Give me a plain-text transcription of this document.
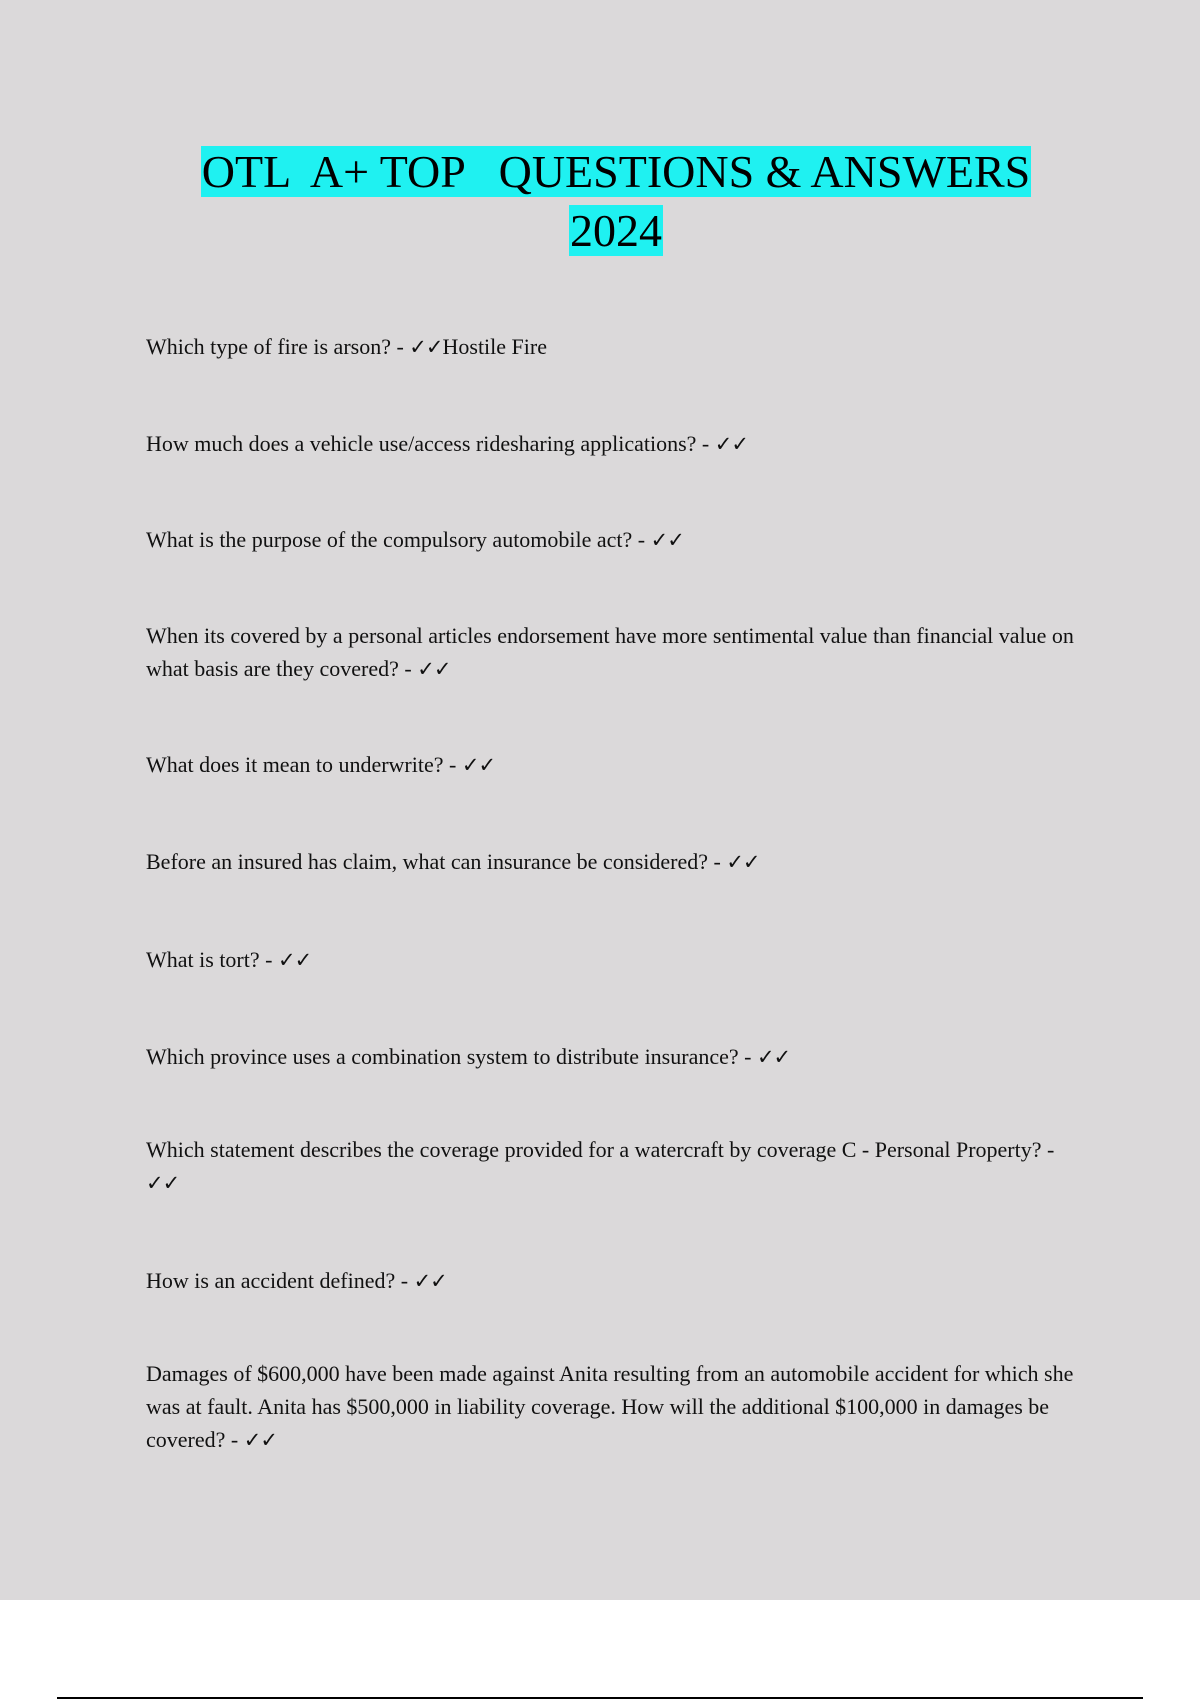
OTL  A+ TOP   QUESTIONS & ANSWERS
2024
Which type of fire is arson? - ✓✓Hostile Fire
How much does a vehicle use/access ridesharing applications? - ✓✓
What is the purpose of the compulsory automobile act? - ✓✓
When its covered by a personal articles endorsement have more sentimental value than financial value on what basis are they covered? - ✓✓
What does it mean to underwrite? - ✓✓
Before an insured has claim, what can insurance be considered? - ✓✓
What is tort? - ✓✓
Which province uses a combination system to distribute insurance? - ✓✓
Which statement describes the coverage provided for a watercraft by coverage C - Personal Property? - ✓✓
How is an accident defined? - ✓✓
Damages of $600,000 have been made against Anita resulting from an automobile accident for which she was at fault. Anita has $500,000 in liability coverage. How will the additional $100,000 in damages be covered? - ✓✓
